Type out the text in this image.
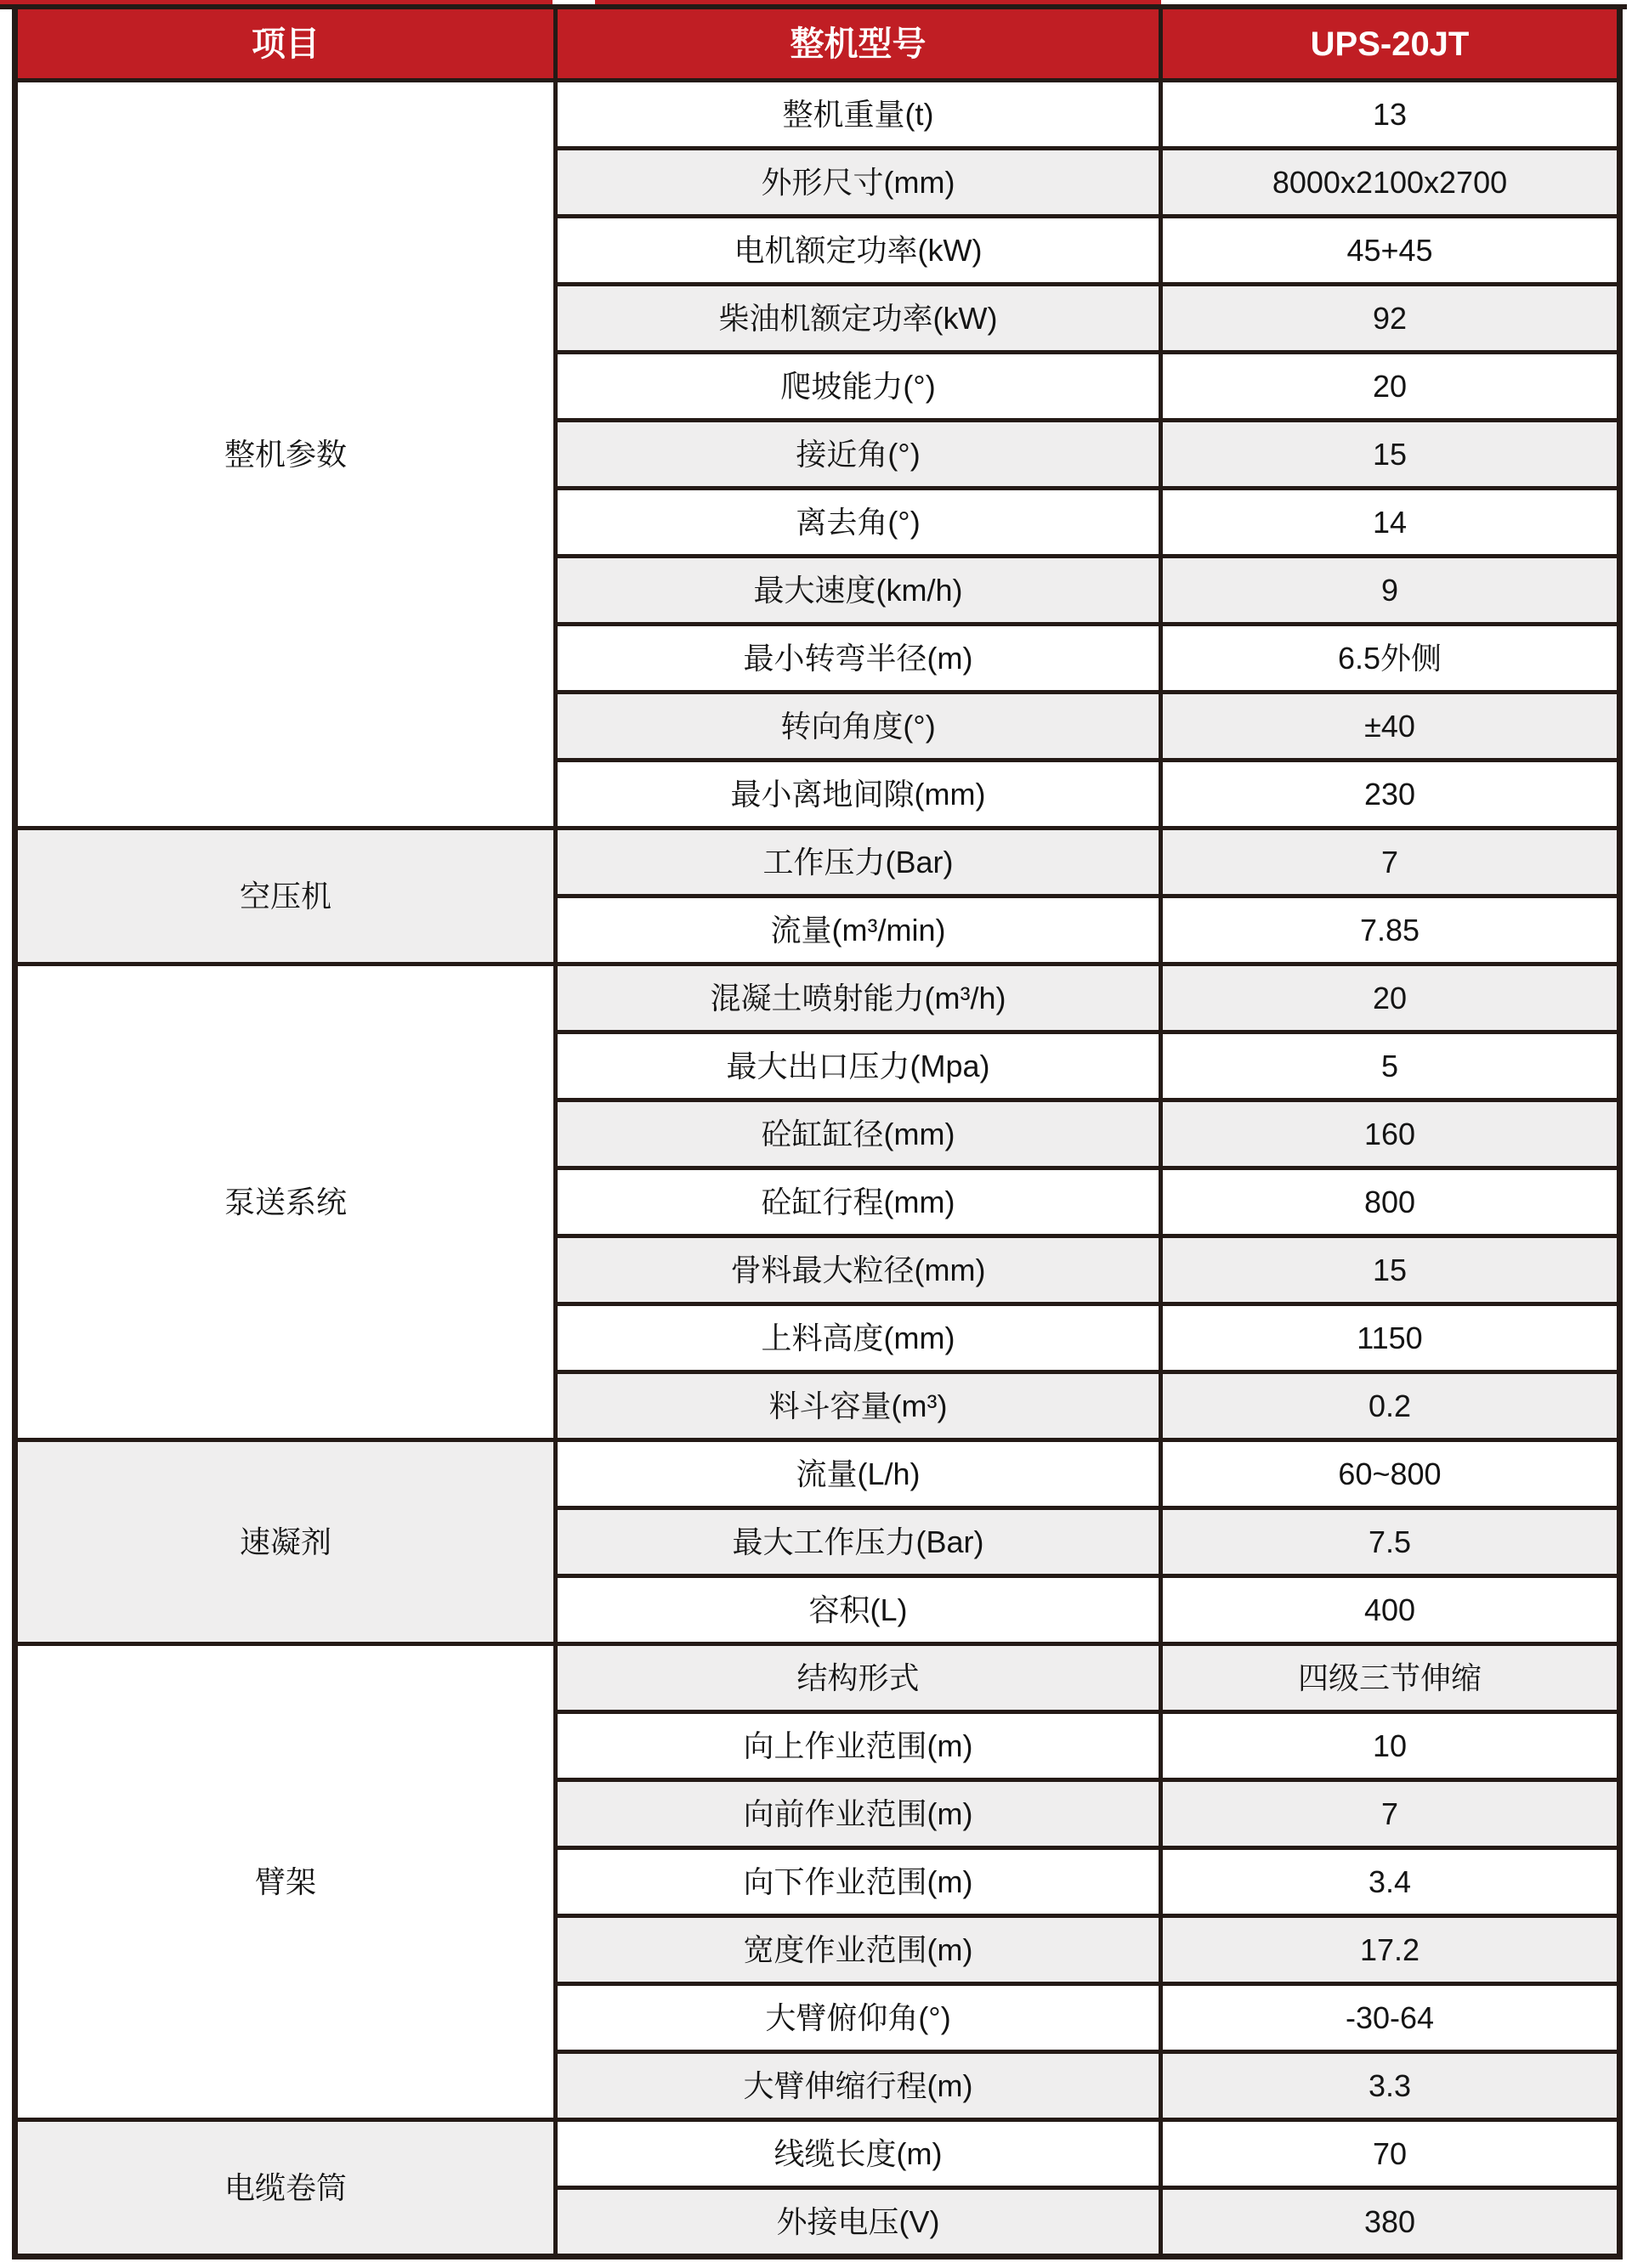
项目	整机型号	UPS-20JT
整机参数
整机重量(t)	13
外形尺寸(mm)	8000x2100x2700
电机额定功率(kW)	45+45
柴油机额定功率(kW)	92
爬坡能力(°)	20
接近角(°)	15
离去角(°)	14
最大速度(km/h)	9
最小转弯半径(m)	6.5外侧
转向角度(°)	±40
最小离地间隙(mm)	230
空压机
工作压力(Bar)	7
流量(m³/min)	7.85
泵送系统
混凝土喷射能力(m³/h)	20
最大出口压力(Mpa)	5
砼缸缸径(mm)	160
砼缸行程(mm)	800
骨料最大粒径(mm)	15
上料高度(mm)	1150
料斗容量(m³)	0.2
速凝剂
流量(L/h)	60~800
最大工作压力(Bar)	7.5
容积(L)	400
臂架
结构形式	四级三节伸缩
向上作业范围(m)	10
向前作业范围(m)	7
向下作业范围(m)	3.4
宽度作业范围(m)	17.2
大臂俯仰角(°)	-30-64
大臂伸缩行程(m)	3.3
电缆卷筒
线缆长度(m)	70
外接电压(V)	380
